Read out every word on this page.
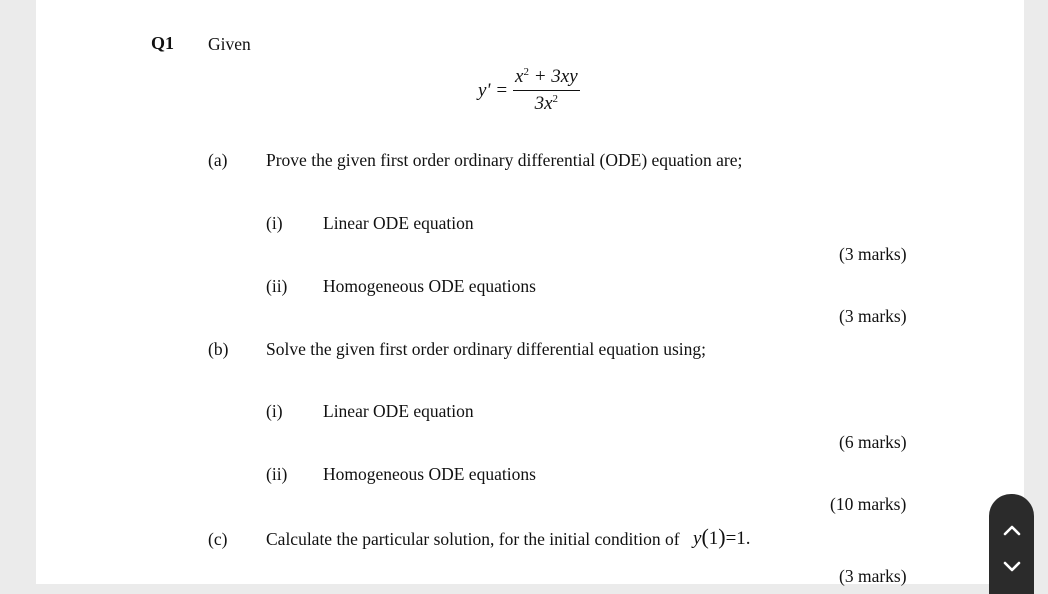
Q1 Given
y' =
$x^2 + 3xy$
$3x^2$
(a) Prove the given first order ordinary differential (ODE) equation are;
(i) Linear ODE equation
(3 marks)
(ii) Homogeneous ODE equations
(3 marks)
(b) Solve the given first order ordinary differential equation using;
(i) Linear ODE equation
(6 marks)
(ii) Homogeneous ODE equations
(10 marks)
(c) Calculate the particular solution, for the initial condition of y(1)=1.
(3 marks)
